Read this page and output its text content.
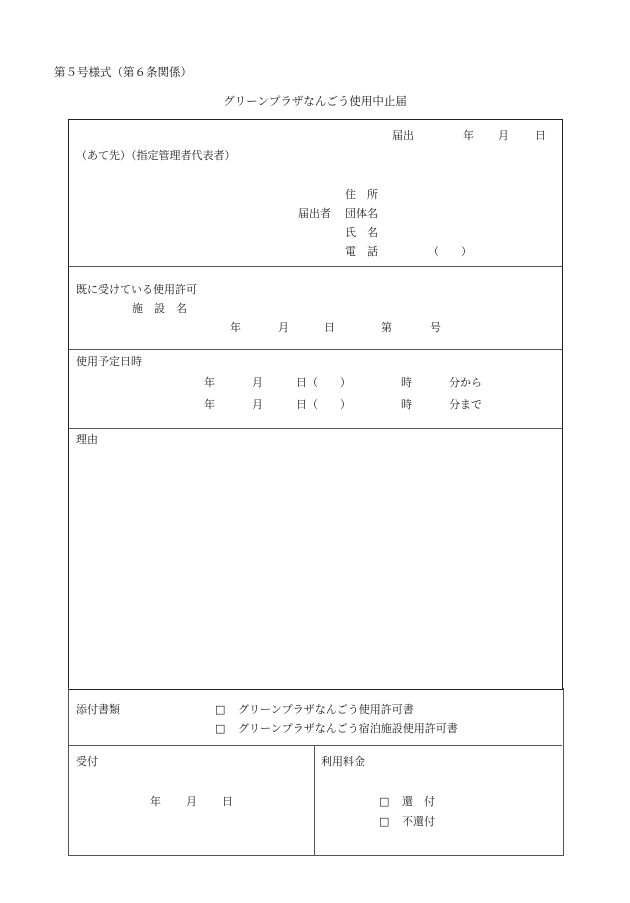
第５号様式（第６条関係）
グリーンプラザなんごう使用中止届
届出	年 月 日
（あて先）（指定管理者代表者）
住　所
届出者 団体名
氏　名
電　話	（　　）
既に受けている使用許可
施　設　名
年	月	日	第	号
使用予定日時
年	月	日（　　）	時	分から
年	月	日（　　）	時	分まで
理由
添付書類	□ グリーンプラザなんごう使用許可書
□ グリーンプラザなんごう宿泊施設使用許可書
受付
年 月 日
利用料金
□ 還　付
□ 不還付
